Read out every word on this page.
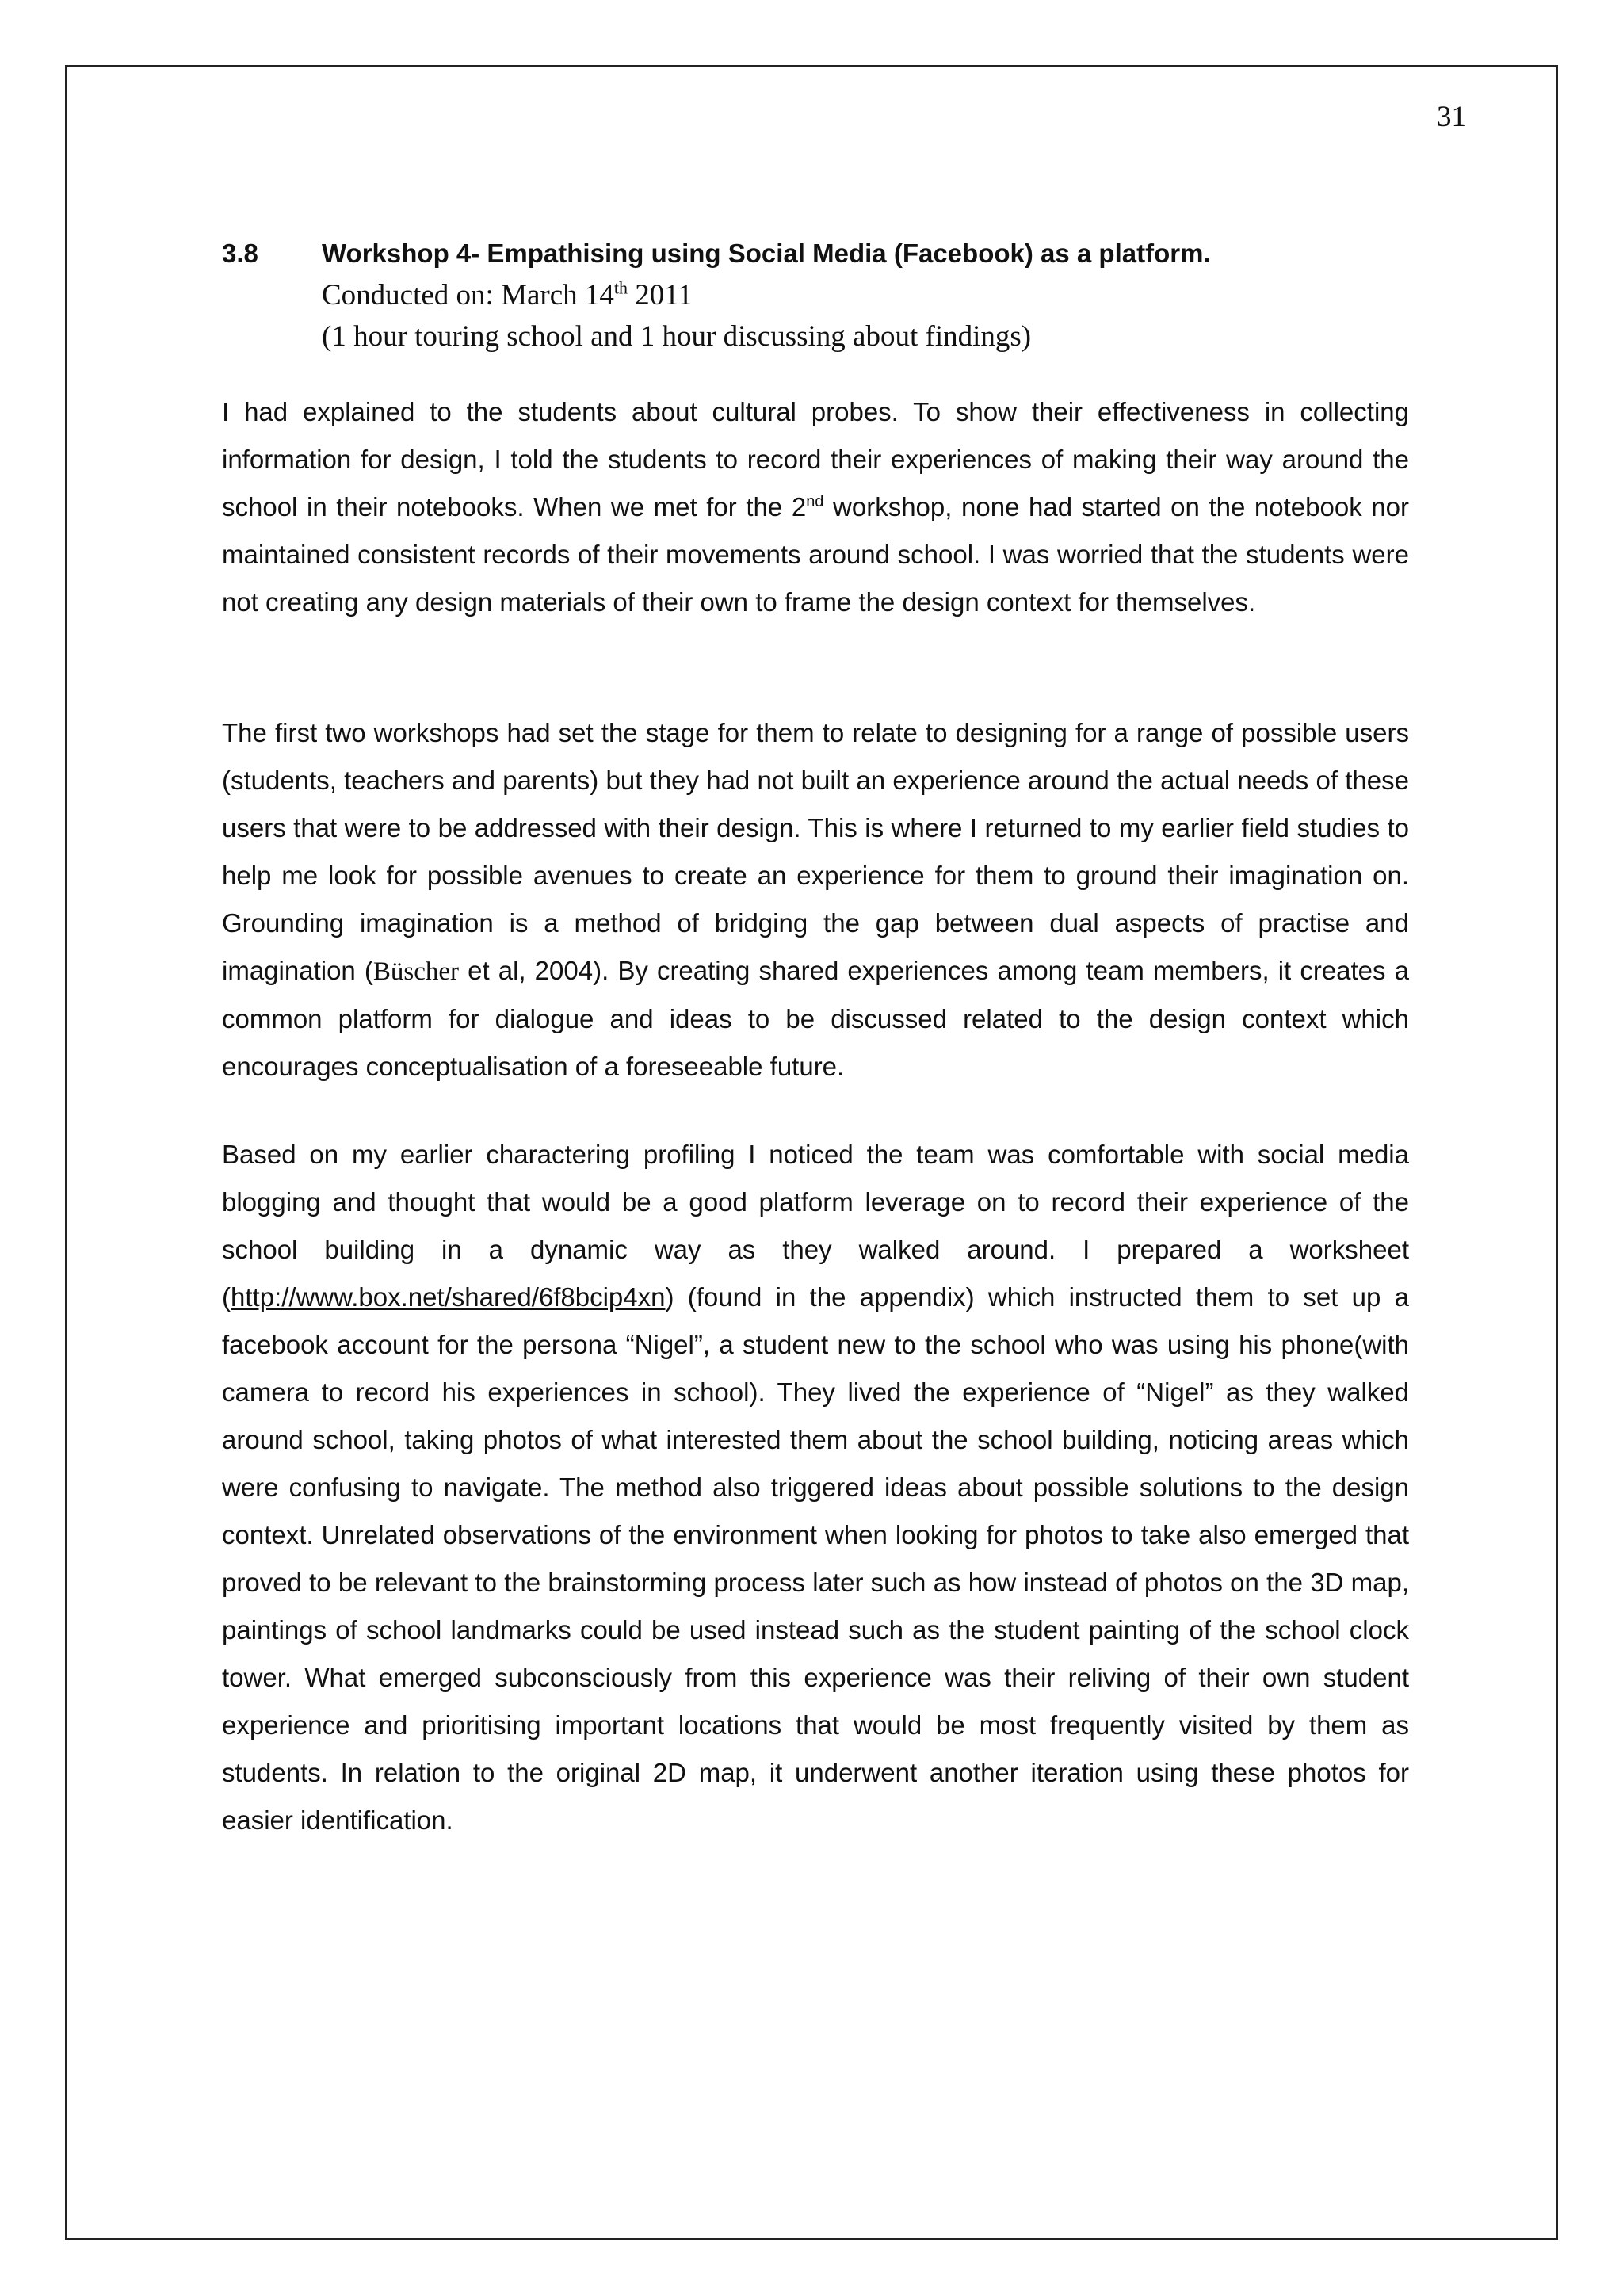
31
3.8 Workshop 4- Empathising using Social Media (Facebook) as a platform.
Conducted on: March 14th 2011
(1 hour touring school and 1 hour discussing about findings)

I had explained to the students about cultural probes. To show their effectiveness in collecting information for design, I told the students to record their experiences of making their way around the school in their notebooks. When we met for the 2nd workshop, none had started on the notebook nor maintained consistent records of their movements around school. I was worried that the students were not creating any design materials of their own to frame the design context for themselves.

The first two workshops had set the stage for them to relate to designing for a range of possible users (students, teachers and parents) but they had not built an experience around the actual needs of these users that were to be addressed with their design. This is where I returned to my earlier field studies to help me look for possible avenues to create an experience for them to ground their imagination on. Grounding imagination is a method of bridging the gap between dual aspects of practise and imagination (Büscher et al, 2004). By creating shared experiences among team members, it creates a common platform for dialogue and ideas to be discussed related to the design context which encourages conceptualisation of a foreseeable future.

Based on my earlier charactering profiling I noticed the team was comfortable with social media blogging and thought that would be a good platform leverage on to record their experience of the school building in a dynamic way as they walked around. I prepared a worksheet (http://www.box.net/shared/6f8bcip4xn) (found in the appendix) which instructed them to set up a facebook account for the persona “Nigel”, a student new to the school who was using his phone(with camera to record his experiences in school). They lived the experience of “Nigel” as they walked around school, taking photos of what interested them about the school building, noticing areas which were confusing to navigate. The method also triggered ideas about possible solutions to the design context. Unrelated observations of the environment when looking for photos to take also emerged that proved to be relevant to the brainstorming process later such as how instead of photos on the 3D map, paintings of school landmarks could be used instead such as the student painting of the school clock tower. What emerged subconsciously from this experience was their reliving of their own student experience and prioritising important locations that would be most frequently visited by them as students. In relation to the original 2D map, it underwent another iteration using these photos for easier identification.
